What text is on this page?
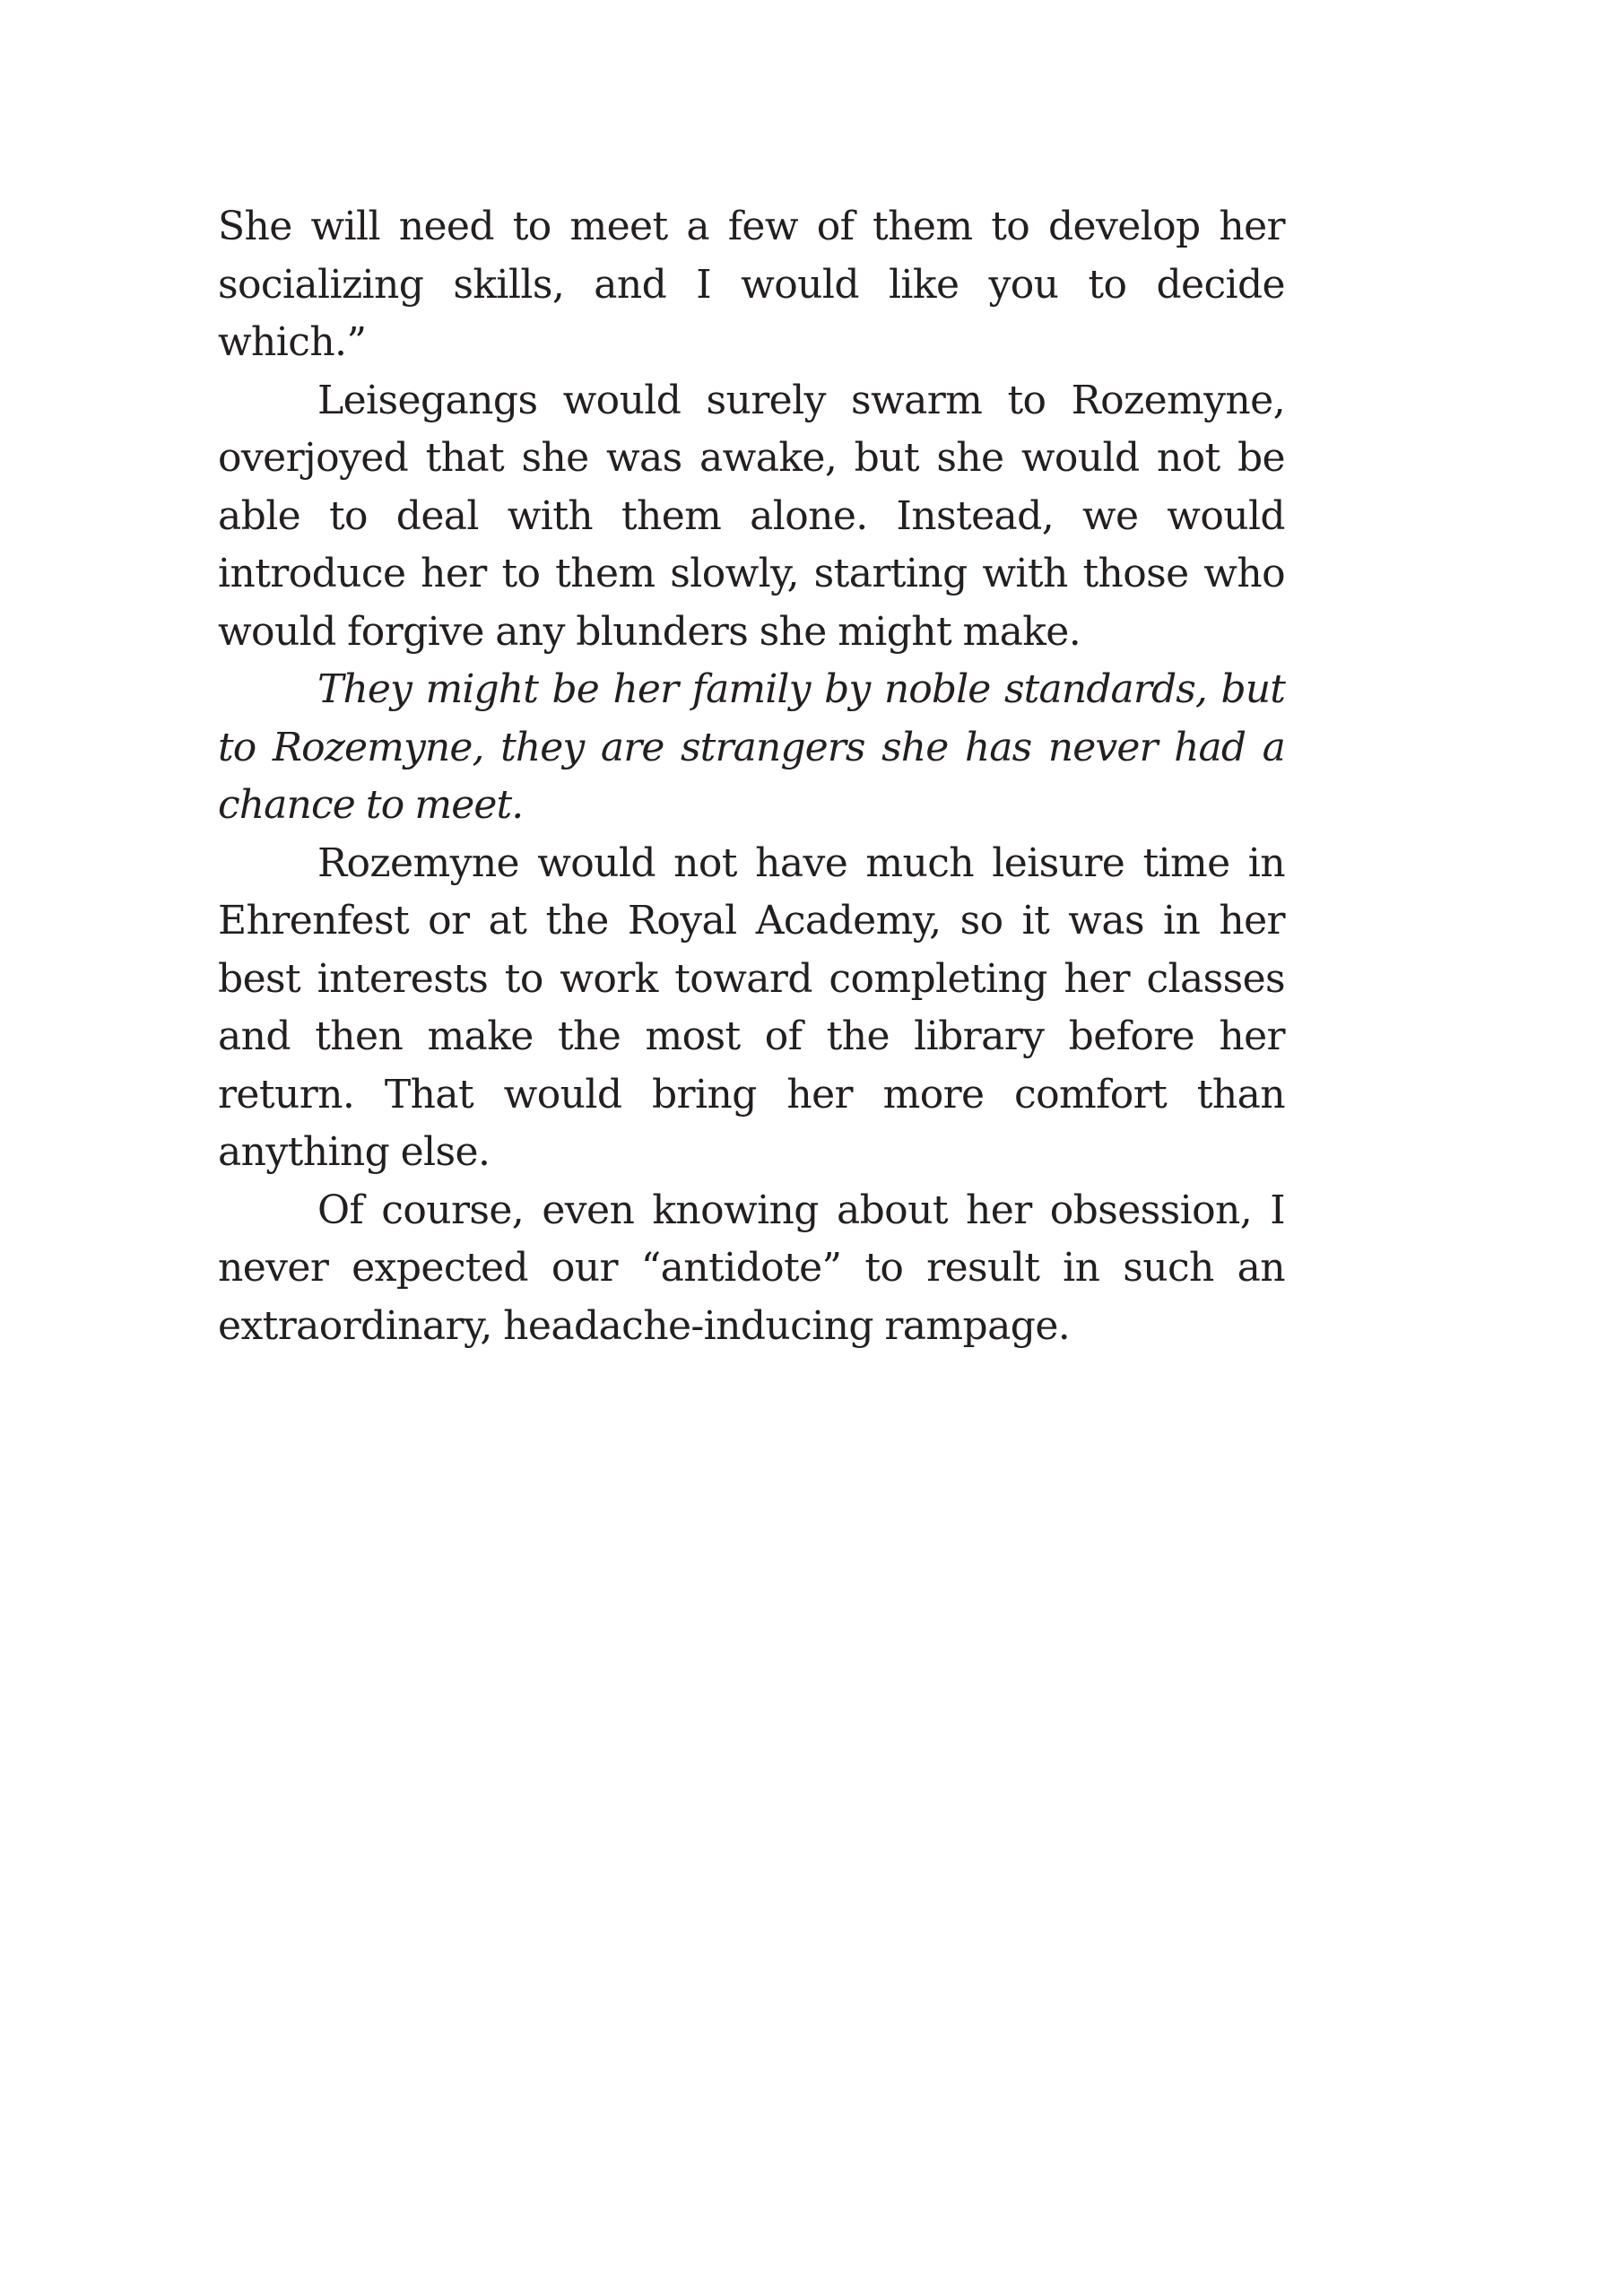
She will need to meet a few of them to develop her socializing skills, and I would like you to decide which.”

Leisegangs would surely swarm to Rozemyne, overjoyed that she was awake, but she would not be able to deal with them alone. Instead, we would introduce her to them slowly, starting with those who would forgive any blunders she might make.

They might be her family by noble standards, but to Rozemyne, they are strangers she has never had a chance to meet.

Rozemyne would not have much leisure time in Ehrenfest or at the Royal Academy, so it was in her best interests to work toward completing her classes and then make the most of the library before her return. That would bring her more comfort than anything else.

Of course, even knowing about her obsession, I never expected our “antidote” to result in such an extraordinary, headache-inducing rampage.
